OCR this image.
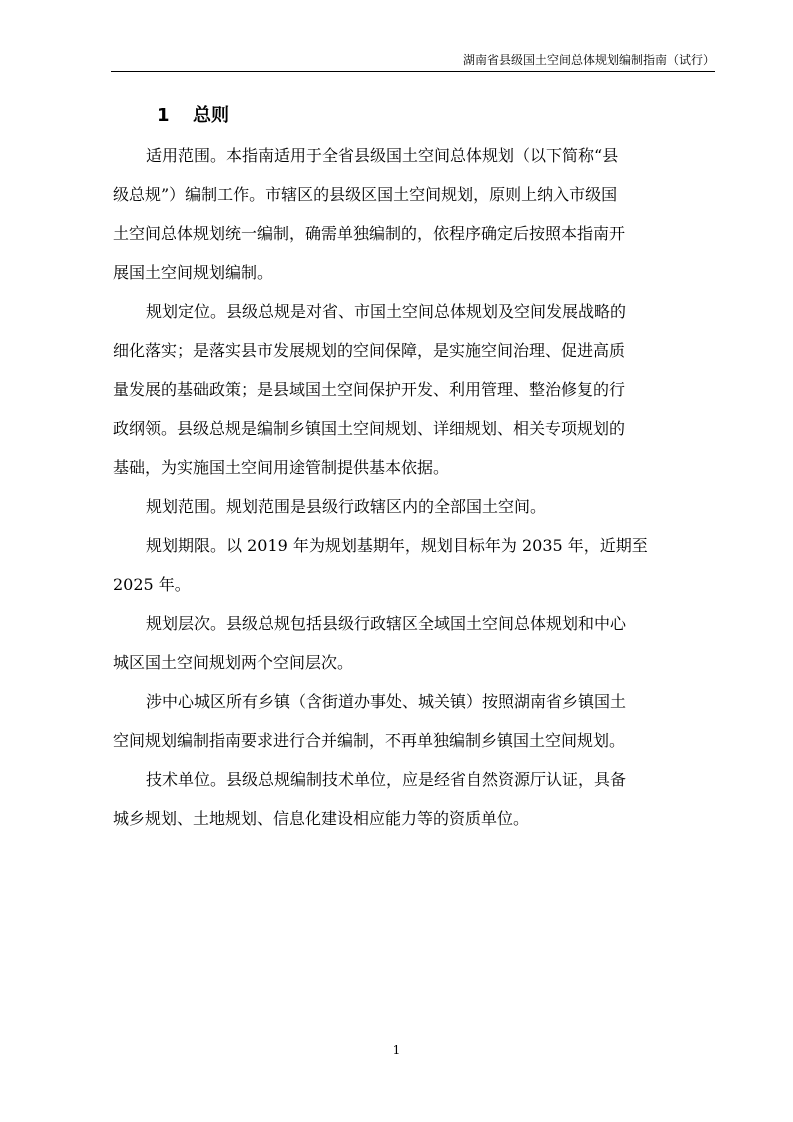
湖南省县级国土空间总体规划编制指南（试行）
1 总则
适用范围。本指南适用于全省县级国土空间总体规划（以下简称“县
级总规”）编制工作。市辖区的县级区国土空间规划，原则上纳入市级国
土空间总体规划统一编制，确需单独编制的，依程序确定后按照本指南开
展国土空间规划编制。
规划定位。县级总规是对省、市国土空间总体规划及空间发展战略的
细化落实；是落实县市发展规划的空间保障，是实施空间治理、促进高质
量发展的基础政策；是县域国土空间保护开发、利用管理、整治修复的行
政纲领。县级总规是编制乡镇国土空间规划、详细规划、相关专项规划的
基础，为实施国土空间用途管制提供基本依据。
规划范围。规划范围是县级行政辖区内的全部国土空间。
规划期限。以 2019 年为规划基期年，规划目标年为 2035 年，近期至
2025 年。
规划层次。县级总规包括县级行政辖区全域国土空间总体规划和中心
城区国土空间规划两个空间层次。
涉中心城区所有乡镇（含街道办事处、城关镇）按照湖南省乡镇国土
空间规划编制指南要求进行合并编制，不再单独编制乡镇国土空间规划。
技术单位。县级总规编制技术单位，应是经省自然资源厅认证，具备
城乡规划、土地规划、信息化建设相应能力等的资质单位。
1
